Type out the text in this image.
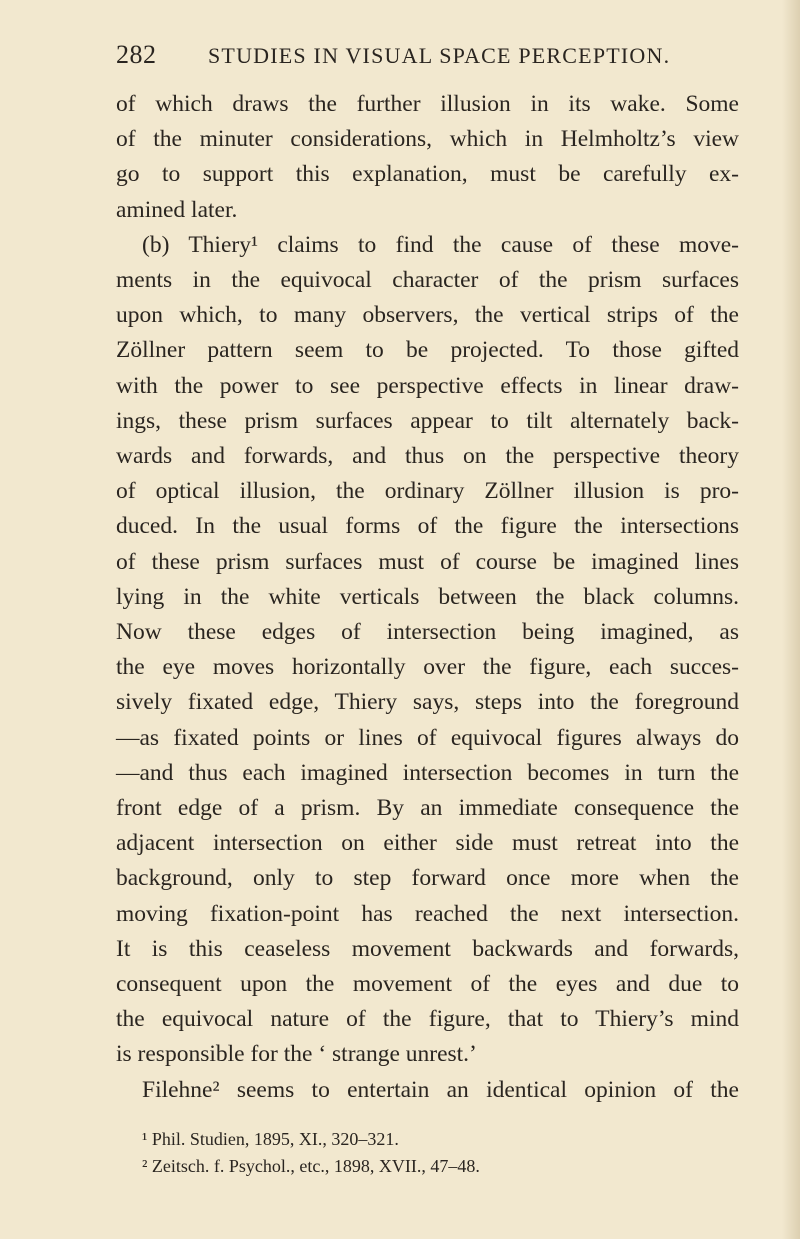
282 STUDIES IN VISUAL SPACE PERCEPTION.
of which draws the further illusion in its wake. Some
of the minuter considerations, which in Helmholtz’s view
go to support this explanation, must be carefully ex-
amined later.
(b) Thiery¹ claims to find the cause of these move-
ments in the equivocal character of the prism surfaces
upon which, to many observers, the vertical strips of the
Zöllner pattern seem to be projected. To those gifted
with the power to see perspective effects in linear draw-
ings, these prism surfaces appear to tilt alternately back-
wards and forwards, and thus on the perspective theory
of optical illusion, the ordinary Zöllner illusion is pro-
duced. In the usual forms of the figure the intersections
of these prism surfaces must of course be imagined lines
lying in the white verticals between the black columns.
Now these edges of intersection being imagined, as
the eye moves horizontally over the figure, each succes-
sively fixated edge, Thiery says, steps into the foreground
—as fixated points or lines of equivocal figures always do
—and thus each imagined intersection becomes in turn the
front edge of a prism. By an immediate consequence the
adjacent intersection on either side must retreat into the
background, only to step forward once more when the
moving fixation-point has reached the next intersection.
It is this ceaseless movement backwards and forwards,
consequent upon the movement of the eyes and due to
the equivocal nature of the figure, that to Thiery’s mind
is responsible for the ‘ strange unrest.’
Filehne² seems to entertain an identical opinion of the
¹ Phil. Studien, 1895, XI., 320–321.
² Zeitsch. f. Psychol., etc., 1898, XVII., 47–48.
